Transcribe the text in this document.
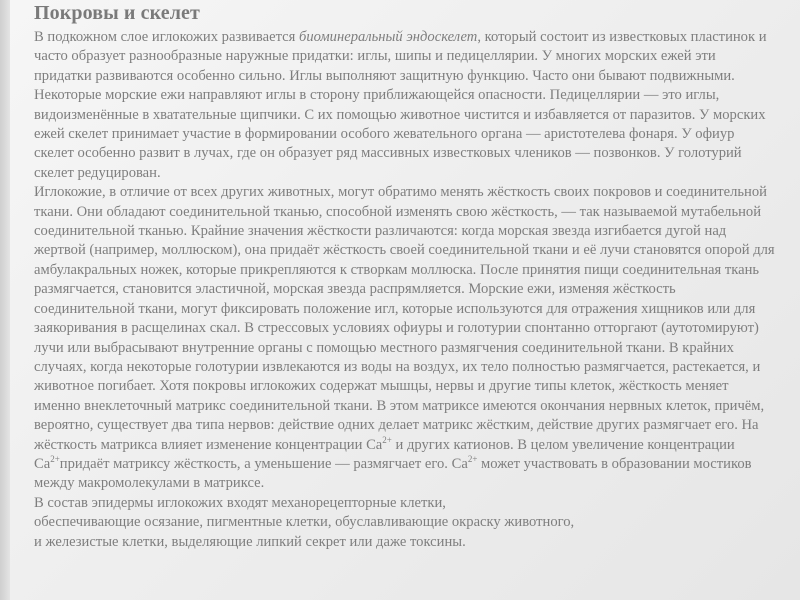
Покровы и скелет

В подкожном слое иглокожих развивается биоминеральный эндоскелет, который состоит из известковых пластинок и часто образует разнообразные наружные придатки: иглы, шипы и педицеллярии. У многих морских ежей эти придатки развиваются особенно сильно. Иглы выполняют защитную функцию. Часто они бывают подвижными. Некоторые морские ежи направляют иглы в сторону приближающейся опасности. Педицеллярии — это иглы, видоизменённые в хватательные щипчики. С их помощью животное чистится и избавляется от паразитов. У морских ежей скелет принимает участие в формировании особого жевательного органа — аристотелева фонаря. У офиур скелет особенно развит в лучах, где он образует ряд массивных известковых члеников — позвонков. У голотурий скелет редуцирован.

Иглокожие, в отличие от всех других животных, могут обратимо менять жёсткость своих покровов и соединительной ткани. Они обладают соединительной тканью, способной изменять свою жёсткость, — так называемой мутабельной соединительной тканью. Крайние значения жёсткости различаются: когда морская звезда изгибается дугой над жертвой (например, моллюском), она придаёт жёсткость своей соединительной ткани и её лучи становятся опорой для амбулакральных ножек, которые прикрепляются к створкам моллюска. После принятия пищи соединительная ткань размягчается, становится эластичной, морская звезда распрямляется. Морские ежи, изменяя жёсткость соединительной ткани, могут фиксировать положение игл, которые используются для отражения хищников или для заякоривания в расщелинах скал. В стрессовых условиях офиуры и голотурии спонтанно отторгают (аутотомируют) лучи или выбрасывают внутренние органы с помощью местного размягчения соединительной ткани. В крайних случаях, когда некоторые голотурии извлекаются из воды на воздух, их тело полностью размягчается, растекается, и животное погибает. Хотя покровы иглокожих содержат мышцы, нервы и другие типы клеток, жёсткость меняет именно внеклеточный матрикс соединительной ткани. В этом матриксе имеются окончания нервных клеток, причём, вероятно, существует два типа нервов: действие одних делает матрикс жёстким, действие других размягчает его. На жёсткость матрикса влияет изменение концентрации $Ca^{2+}$ и других катионов. В целом увеличение концентрации $Ca^{2+}придаёт$ матриксу жёсткость, а уменьшение — размягчает его. $Ca^{2+}$ может участвовать в образовании мостиков между макромолекулами в матриксе.

В состав эпидермы иглокожих входят механорецепторные клетки,
обеспечивающие осязание, пигментные клетки, обуславливающие окраску животного,
и железистые клетки, выделяющие липкий секрет или даже токсины.
